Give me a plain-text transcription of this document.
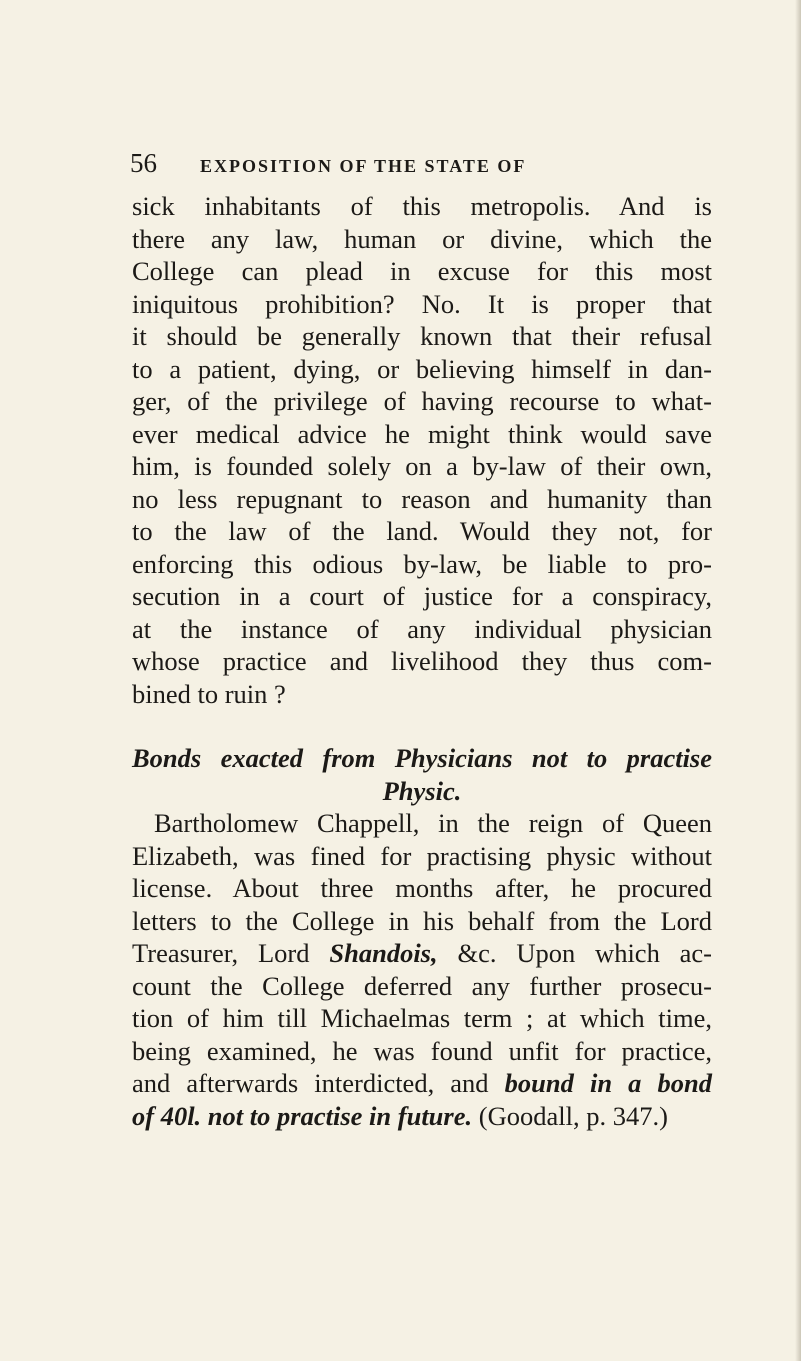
56 EXPOSITION OF THE STATE OF
sick inhabitants of this metropolis. And is
there any law, human or divine, which the
College can plead in excuse for this most
iniquitous prohibition? No. It is proper that
it should be generally known that their refusal
to a patient, dying, or believing himself in dan-
ger, of the privilege of having recourse to what-
ever medical advice he might think would save
him, is founded solely on a by-law of their own,
no less repugnant to reason and humanity than
to the law of the land. Would they not, for
enforcing this odious by-law, be liable to pro-
secution in a court of justice for a conspiracy,
at the instance of any individual physician
whose practice and livelihood they thus com-
bined to ruin ?
Bonds exacted from Physicians not to practise
Physic.
Bartholomew Chappell, in the reign of Queen
Elizabeth, was fined for practising physic without
license. About three months after, he procured
letters to the College in his behalf from the Lord
Treasurer, Lord Shandois, &c. Upon which ac-
count the College deferred any further prosecu-
tion of him till Michaelmas term ; at which time,
being examined, he was found unfit for practice,
and afterwards interdicted, and bound in a bond
of 40l. not to practise in future. (Goodall, p. 347.)
